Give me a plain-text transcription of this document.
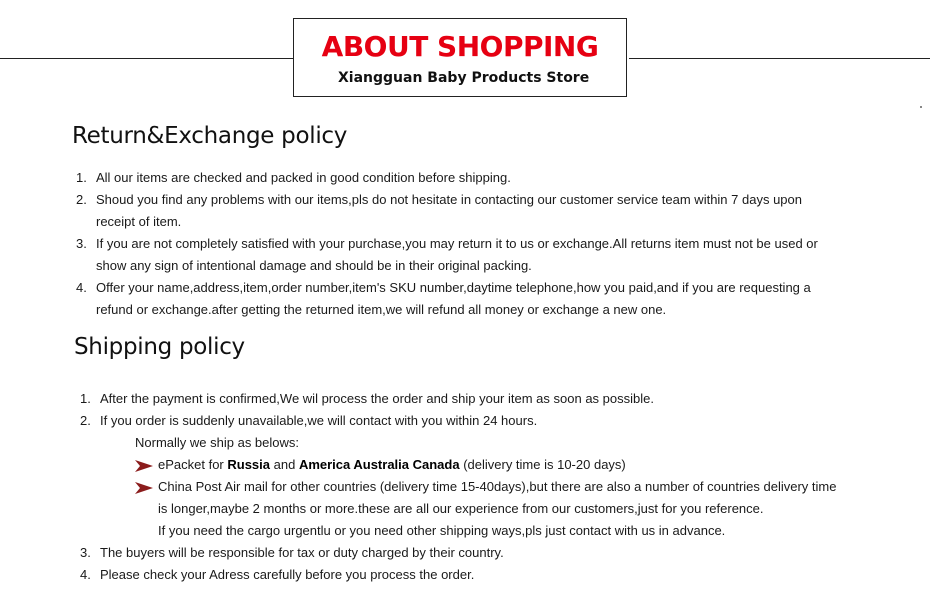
ABOUT SHOPPING
Xiangguan Baby Products Store
Return&Exchange policy
1. All our items are checked and packed in good condition before shipping.
2. Shoud you find any problems with our items,pls do not hesitate in contacting our customer service team within 7 days upon
receipt of item.
3. If you are not completely satisfied with your purchase,you may return it to us or exchange.All returns item must not be used or
show any sign of intentional damage and should be in their original packing.
4. Offer your name,address,item,order number,item's SKU number,daytime telephone,how you paid,and if you are requesting a
refund or exchange.after getting the returned item,we will refund all money or exchange a new one.
Shipping policy
1. After the payment is confirmed,We wil process the order and ship your item as soon as possible.
2. If you order is suddenly unavailable,we will contact with you within 24 hours.
Normally we ship as belows:
ePacket for Russia and America Australia Canada (delivery time is 10-20 days)
China Post Air mail for other countries (delivery time 15-40days),but there are also a number of countries delivery time
is longer,maybe 2 months or more.these are all our experience from our customers,just for you reference.
If you need the cargo urgentlu or you need other shipping ways,pls just contact with us in advance.
3. The buyers will be responsible for tax or duty charged by their country.
4. Please check your Adress carefully before you process the order.
